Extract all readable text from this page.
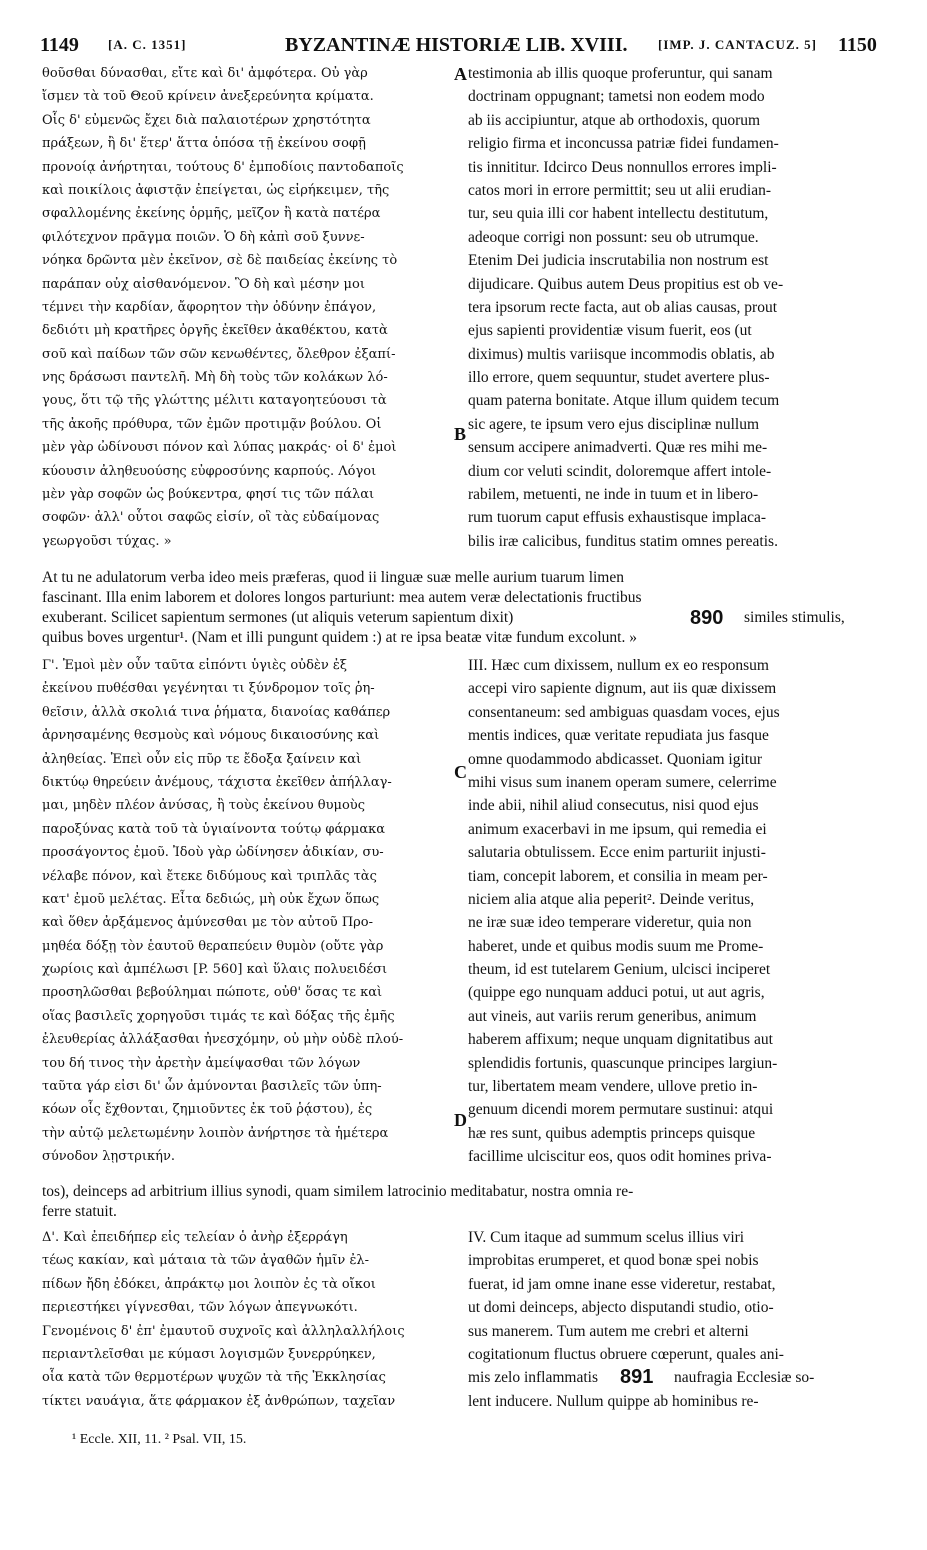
1149 [A. C. 1351]	BYZANTINÆ HISTORIÆ LIB. XVIII. [IMP. J. CANTACUZ. 5] 1150
θοῦσθαι δύνασθαι, εἴτε καὶ δι' ἀμφότερα. Οὐ γὰρ
ἴσμεν τὰ τοῦ Θεοῦ κρίνειν ἀνεξερεύνητα κρίματα.
Οἷς δ' εὐμενῶς ἔχει διὰ παλαιοτέρων χρηστότητα
πράξεων, ἢ δι' ἕτερ' ἅττα ὁπόσα τῇ ἐκείνου σοφῇ
προνοίᾳ ἀνήρτηται, τούτους δ' ἐμποδίοις παντοδαποῖς
καὶ ποικίλοις ἀφιστᾷν ἐπείγεται, ὡς εἰρήκειμεν, τῆς
σφαλλομένης ἐκείνης ὁρμῆς, μεῖζον ἢ κατὰ πατέρα
φιλότεχνον πρᾶγμα ποιῶν. Ὁ δὴ κἀπὶ σοῦ ξυννε-
νόηκα δρῶντα μὲν ἐκεῖνον, σὲ δὲ παιδείας ἐκείνης τὸ
παράπαν οὐχ αἰσθανόμενον. Ὃ δὴ καὶ μέσην μοι
τέμνει τὴν καρδίαν, ἄφορητον τὴν ὀδύνην ἐπάγον,
δεδιότι μὴ κρατῆρες ὀργῆς ἐκεῖθεν ἀκαθέκτου, κατὰ
σοῦ καὶ παίδων τῶν σῶν κενωθέντες, ὄλεθρον ἐξαπί-
νης δράσωσι παντελῆ. Μὴ δὴ τοὺς τῶν κολάκων λό-
γους, ὅτι τῷ τῆς γλώττης μέλιτι καταγοητεύουσι τὰ
τῆς ἀκοῆς πρόθυρα, τῶν ἐμῶν προτιμᾷν βούλου. Οἱ
μὲν γὰρ ὠδίνουσι πόνον καὶ λύπας μακράς· οἱ δ' ἐμοὶ
κύουσιν ἀληθευούσης εὐφροσύνης καρπούς. Λόγοι
μὲν γὰρ σοφῶν ὡς βούκεντρα, φησί τις τῶν πάλαι
σοφῶν· ἀλλ' οὗτοι σαφῶς εἰσίν, οἳ τὰς εὐδαίμονας
γεωργοῦσι τύχας. »
testimonia ab illis quoque proferuntur, qui sanam
doctrinam oppugnant; tametsi non eodem modo
ab iis accipiuntur, atque ab orthodoxis, quorum
religio firma et inconcussa patriæ fidei fundamen-
tis innititur. Idcirco Deus nonnullos errores impli-
catos mori in errore permittit; seu ut alii erudian-
tur, seu quia illi cor habent intellectu destitutum,
adeoque corrigi non possunt: seu ob utrumque.
Etenim Dei judicia inscrutabilia non nostrum est
dijudicare. Quibus autem Deus propitius est ob ve-
tera ipsorum recte facta, aut ob alias causas, prout
ejus sapienti providentiæ visum fuerit, eos (ut
diximus) multis variisque incommodis oblatis, ab
illo errore, quem sequuntur, studet avertere plus-
quam paterna bonitate. Atque illum quidem tecum
sic agere, te ipsum vero ejus disciplinæ nullum
sensum accipere animadverti. Quæ res mihi me-
dium cor veluti scindit, doloremque affert intole-
rabilem, metuenti, ne inde in tuum et in libero-
rum tuorum caput effusis exhaustisque implaca-
bilis iræ calicibus, funditus statim omnes pereatis.
A
B
C
D
At tu ne adulatorum verba ideo meis præferas, quod ii linguæ suæ melle aurium tuarum limen
fascinant. Illa enim laborem et dolores longos parturiunt: mea autem veræ delectationis fructibus
exuberant. Scilicet sapientum sermones (ut aliquis veterum sapientum dixit)	890 similes stimulis,
quibus boves urgentur¹. (Nam et illi pungunt quidem :) at re ipsa beatæ vitæ fundum excolunt. »
Γ'. Ἐμοὶ μὲν οὖν ταῦτα εἰπόντι ὑγιὲς οὐδὲν ἐξ
ἐκείνου πυθέσθαι γεγένηται τι ξύνδρομον τοῖς ῥη-
θεῖσιν, ἀλλὰ σκολιά τινα ῥήματα, διανοίας καθάπερ
ἀρνησαμένης θεσμοὺς καὶ νόμους δικαιοσύνης καὶ
ἀληθείας. Ἐπεὶ οὖν εἰς πῦρ τε ἔδοξα ξαίνειν καὶ
δικτύῳ θηρεύειν ἀνέμους, τάχιστα ἐκεῖθεν ἀπήλλαγ-
μαι, μηδὲν πλέον ἀνύσας, ἢ τοὺς ἐκείνου θυμοὺς
παροξύνας κατὰ τοῦ τὰ ὑγιαίνοντα τούτῳ φάρμακα
προσάγοντος ἐμοῦ. Ἰδοὺ γὰρ ὠδίνησεν ἀδικίαν, συ-
νέλαβε πόνον, καὶ ἔτεκε διδύμους καὶ τριπλᾶς τὰς
κατ' ἐμοῦ μελέτας. Εἶτα δεδιώς, μὴ οὐκ ἔχων ὅπως
καὶ ὅθεν ἀρξάμενος ἀμύνεσθαι με τὸν αὐτοῦ Προ-
μηθέα δόξῃ τὸν ἑαυτοῦ θεραπεύειν θυμὸν (οὔτε γὰρ
χωρίοις καὶ ἀμπέλωσι [P. 560] καὶ ὕλαις πολυειδέσι
προσηλῶσθαι βεβούλημαι πώποτε, οὐθ' ὅσας τε καὶ
οἵας βασιλεῖς χορηγοῦσι τιμάς τε καὶ δόξας τῆς ἐμῆς
ἐλευθερίας ἀλλάξασθαι ἠνεσχόμην, οὐ μὴν οὐδὲ πλού-
του δή τινος τὴν ἀρετὴν ἀμείψασθαι τῶν λόγων
ταῦτα γάρ εἰσι δι' ὧν ἀμύνονται βασιλεῖς τῶν ὑπη-
κόων οἷς ἔχθονται, ζημιοῦντες ἐκ τοῦ ῥᾴστου), ἐς
τὴν αὐτῷ μελετωμένην λοιπὸν ἀνήρτησε τὰ ἡμέτερα
σύνοδον λῃστρικήν.
III. Hæc cum dixissem, nullum ex eo responsum
accepi viro sapiente dignum, aut iis quæ dixissem
consentaneum: sed ambiguas quasdam voces, ejus
mentis indices, quæ veritate repudiata jus fasque
omne quodammodo abdicasset. Quoniam igitur
mihi visus sum inanem operam sumere, celerrime
inde abii, nihil aliud consecutus, nisi quod ejus
animum exacerbavi in me ipsum, qui remedia ei
salutaria obtulissem. Ecce enim parturiit injusti-
tiam, concepit laborem, et consilia in meam per-
niciem alia atque alia peperit². Deinde veritus,
ne iræ suæ ideo temperare videretur, quia non
haberet, unde et quibus modis suum me Prome-
theum, id est tutelarem Genium, ulcisci inciperet
(quippe ego nunquam adduci potui, ut aut agris,
aut vineis, aut variis rerum generibus, animum
haberem affixum; neque unquam dignitatibus aut
splendidis fortunis, quascunque principes largiun-
tur, libertatem meam vendere, ullove pretio in-
genuum dicendi morem permutare sustinui: atqui
hæ res sunt, quibus ademptis princeps quisque
facillime ulciscitur eos, quos odit homines priva-
tos), deinceps ad arbitrium illius synodi, quam similem latrocinio meditabatur, nostra omnia re-
ferre statuit.
Δ'. Καὶ ἐπειδήπερ εἰς τελείαν ὁ ἀνὴρ ἐξερράγη
τέως κακίαν, καὶ μάταια τὰ τῶν ἀγαθῶν ἡμῖν ἐλ-
πίδων ἤδη ἐδόκει, ἀπράκτῳ μοι λοιπὸν ἐς τὰ οἴκοι
περιεστήκει γίγνεσθαι, τῶν λόγων ἀπεγνωκότι.
Γενομένοις δ' ἐπ' ἐμαυτοῦ συχνοῖς καὶ ἀλληλαλλήλοις
περιαντλεῖσθαι με κύμασι λογισμῶν ξυνερρύηκεν,
οἷα κατὰ τῶν θερμοτέρων ψυχῶν τὰ τῆς Ἐκκλησίας
τίκτει ναυάγια, ἅτε φάρμακον ἐξ ἀνθρώπων, ταχεῖαν
IV. Cum itaque ad summum scelus illius viri
improbitas erumperet, et quod bonæ spei nobis
fuerat, id jam omne inane esse videretur, restabat,
ut domi deinceps, abjecto disputandi studio, otio-
sus manerem. Tum autem me crebri et alterni
cogitationum fluctus obruere cœperunt, quales ani-
mis zelo inflammatis 891 naufragia Ecclesiæ so-
lent inducere. Nullum quippe ab hominibus re-
¹ Eccle. XII, 11. ² Psal. VII, 15.
